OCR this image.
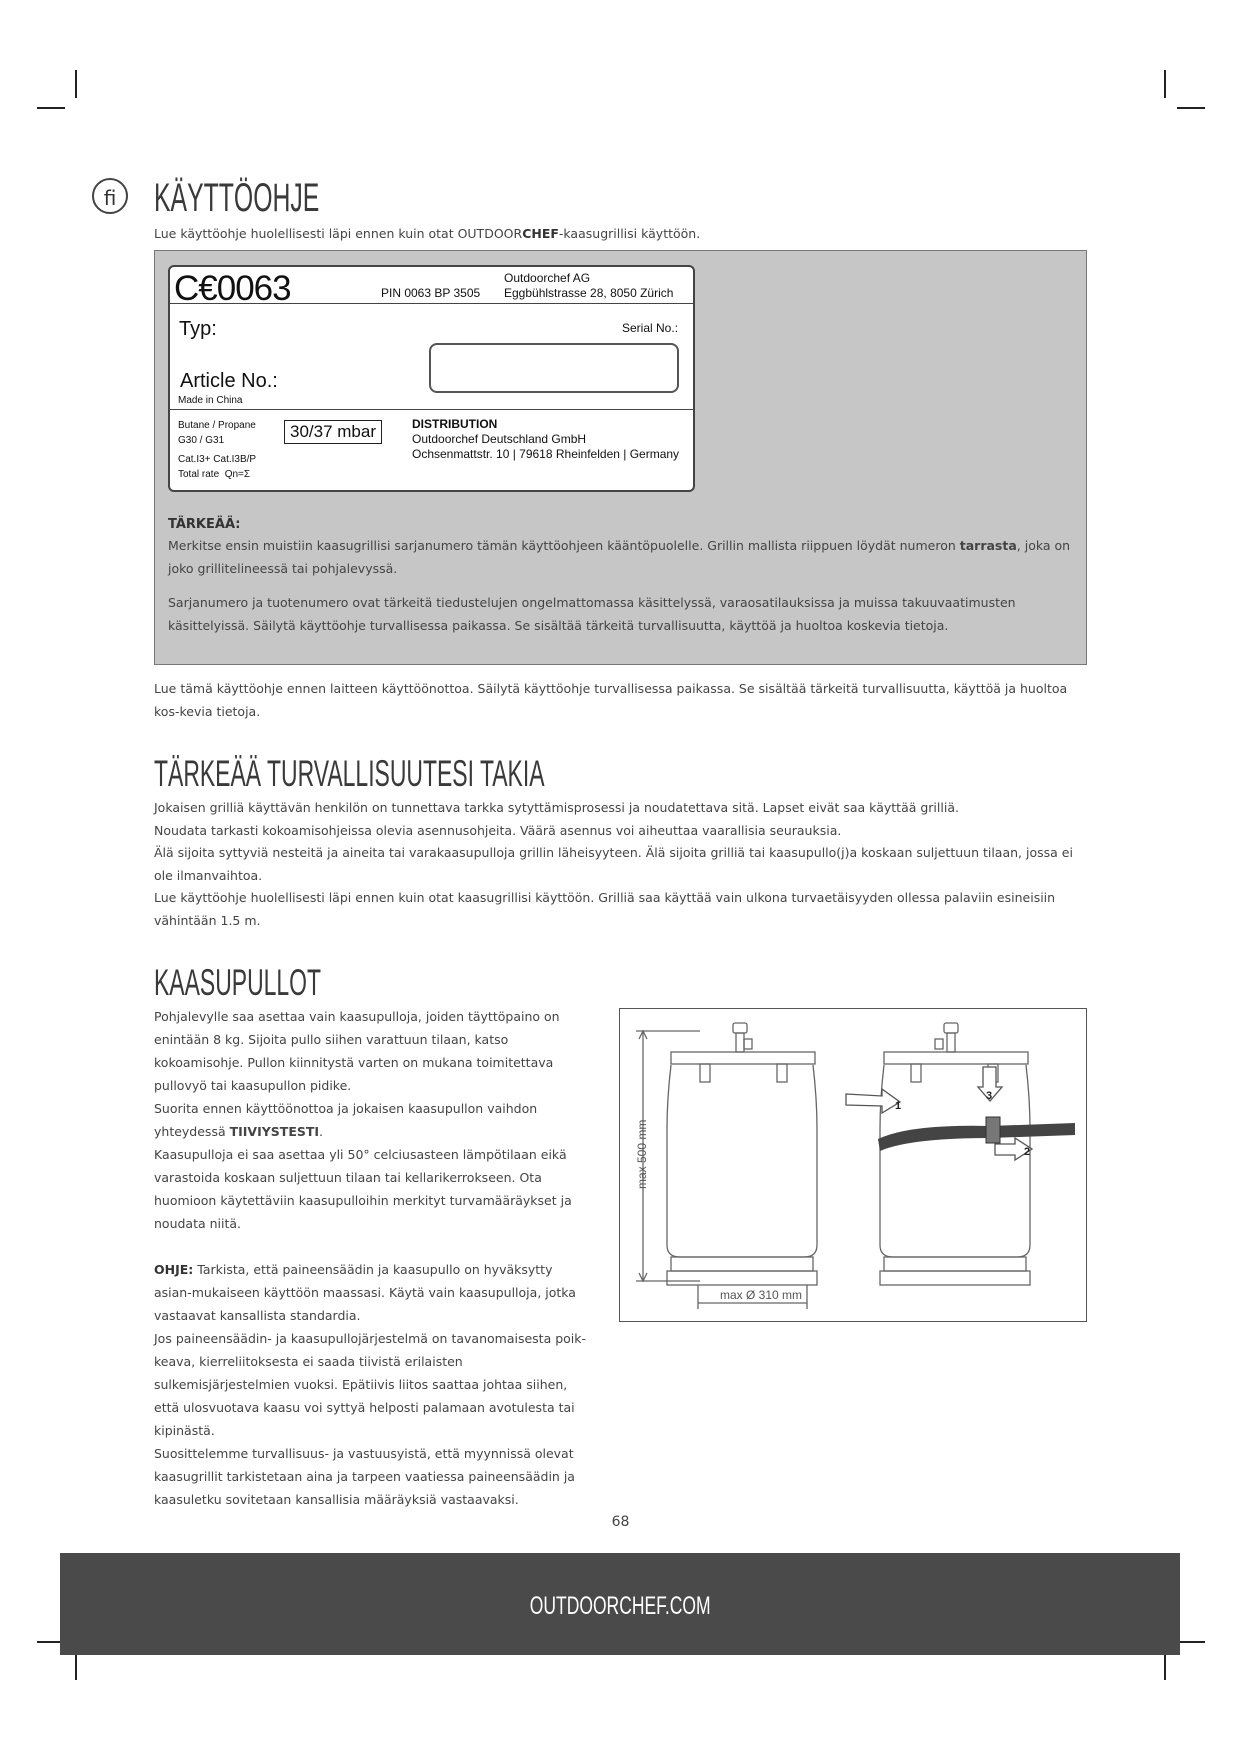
fi KÄYTTÖOHJE
Lue käyttöohje huolellisesti läpi ennen kuin otat OUTDOORCHEF-kaasugrillisi käyttöön.
C€0063	PIN 0063 BP 3505
Outdoorchef AG
Eggbühlstrasse 28, 8050 Zürich
Typ:	Serial No.:
Article No.:
Made in China
Butane / Propane
G30 / G31	30/37 mbar
Cat.I3+ Cat.I3B/P
Total rate  Qn=Σ
DISTRIBUTION
Outdoorchef Deutschland GmbH
Ochsenmattstr. 10 | 79618 Rheinfelden | Germany
TÄRKEÄÄ:
Merkitse ensin muistiin kaasugrillisi sarjanumero tämän käyttöohjeen kääntöpuolelle. Grillin mallista riippuen löydät numeron tarrasta, joka on joko grillitelineessä tai pohjalevyssä.
Sarjanumero ja tuotenumero ovat tärkeitä tiedustelujen ongelmattomassa käsittelyssä, varaosatilauksissa ja muissa takuuvaatimusten käsittelyissä. Säilytä käyttöohje turvallisessa paikassa. Se sisältää tärkeitä turvallisuutta, käyttöä ja huoltoa koskevia tietoja.
Lue tämä käyttöohje ennen laitteen käyttöönottoa. Säilytä käyttöohje turvallisessa paikassa. Se sisältää tärkeitä turvallisuutta, käyttöä ja huoltoa kos-kevia tietoja.
TÄRKEÄÄ TURVALLISUUTESI TAKIA

Jokaisen grilliä käyttävän henkilön on tunnettava tarkka sytyttämisprosessi ja noudatettava sitä. Lapset eivät saa käyttää grilliä.

Noudata tarkasti kokoamisohjeissa olevia asennusohjeita. Väärä asennus voi aiheuttaa vaarallisia seurauksia.

Älä sijoita syttyviä nesteitä ja aineita tai varakaasupulloja grillin läheisyyteen. Älä sijoita grilliä tai kaasupullo(j)a koskaan suljettuun tilaan, jossa ei ole ilmanvaihtoa.

Lue käyttöohje huolellisesti läpi ennen kuin otat kaasugrillisi käyttöön. Grilliä saa käyttää vain ulkona turvaetäisyyden ollessa palaviin esineisiin vähintään 1.5 m.

KAASUPULLOT

Pohjalevylle saa asettaa vain kaasupulloja, joiden täyttöpaino on enintään 8 kg. Sijoita pullo siihen varattuun tilaan, katso kokoamisohje. Pullon kiinnitystä varten on mukana toimitettava pullovyö tai kaasupullon pidike.

Suorita ennen käyttöönottoa ja jokaisen kaasupullon vaihdon yhteydessä TIIVIYSTESTI.

Kaasupulloja ei saa asettaa yli 50° celciusasteen lämpötilaan eikä varastoida koskaan suljettuun tilaan tai kellarikerrokseen. Ota huomioon käytettäviin kaasupulloihin merkityt turvamääräykset ja noudata niitä.

OHJE: Tarkista, että paineensäädin ja kaasupullo on hyväksytty asian-mukaiseen käyttöön maassasi. Käytä vain kaasupulloja, jotka vastaavat kansallista standardia.

Jos paineensäädin- ja kaasupullojärjestelmä on tavanomaisesta poik-keava, kierreliitoksesta ei saada tiivistä erilaisten sulkemisjärjestelmien vuoksi. Epätiivis liitos saattaa johtaa siihen, että ulosvuotava kaasu voi syttyä helposti palamaan avotulesta tai kipinästä.

Suosittelemme turvallisuus- ja vastuusyistä, että myynnissä olevat kaasugrillit tarkistetaan aina ja tarpeen vaatiessa paineensäädin ja kaasuletku sovitetaan kansallisia määräyksiä vastaavaksi.

1
2
3
max Ø 310 mm
max 500 mm
68
OUTDOORCHEF.COM
